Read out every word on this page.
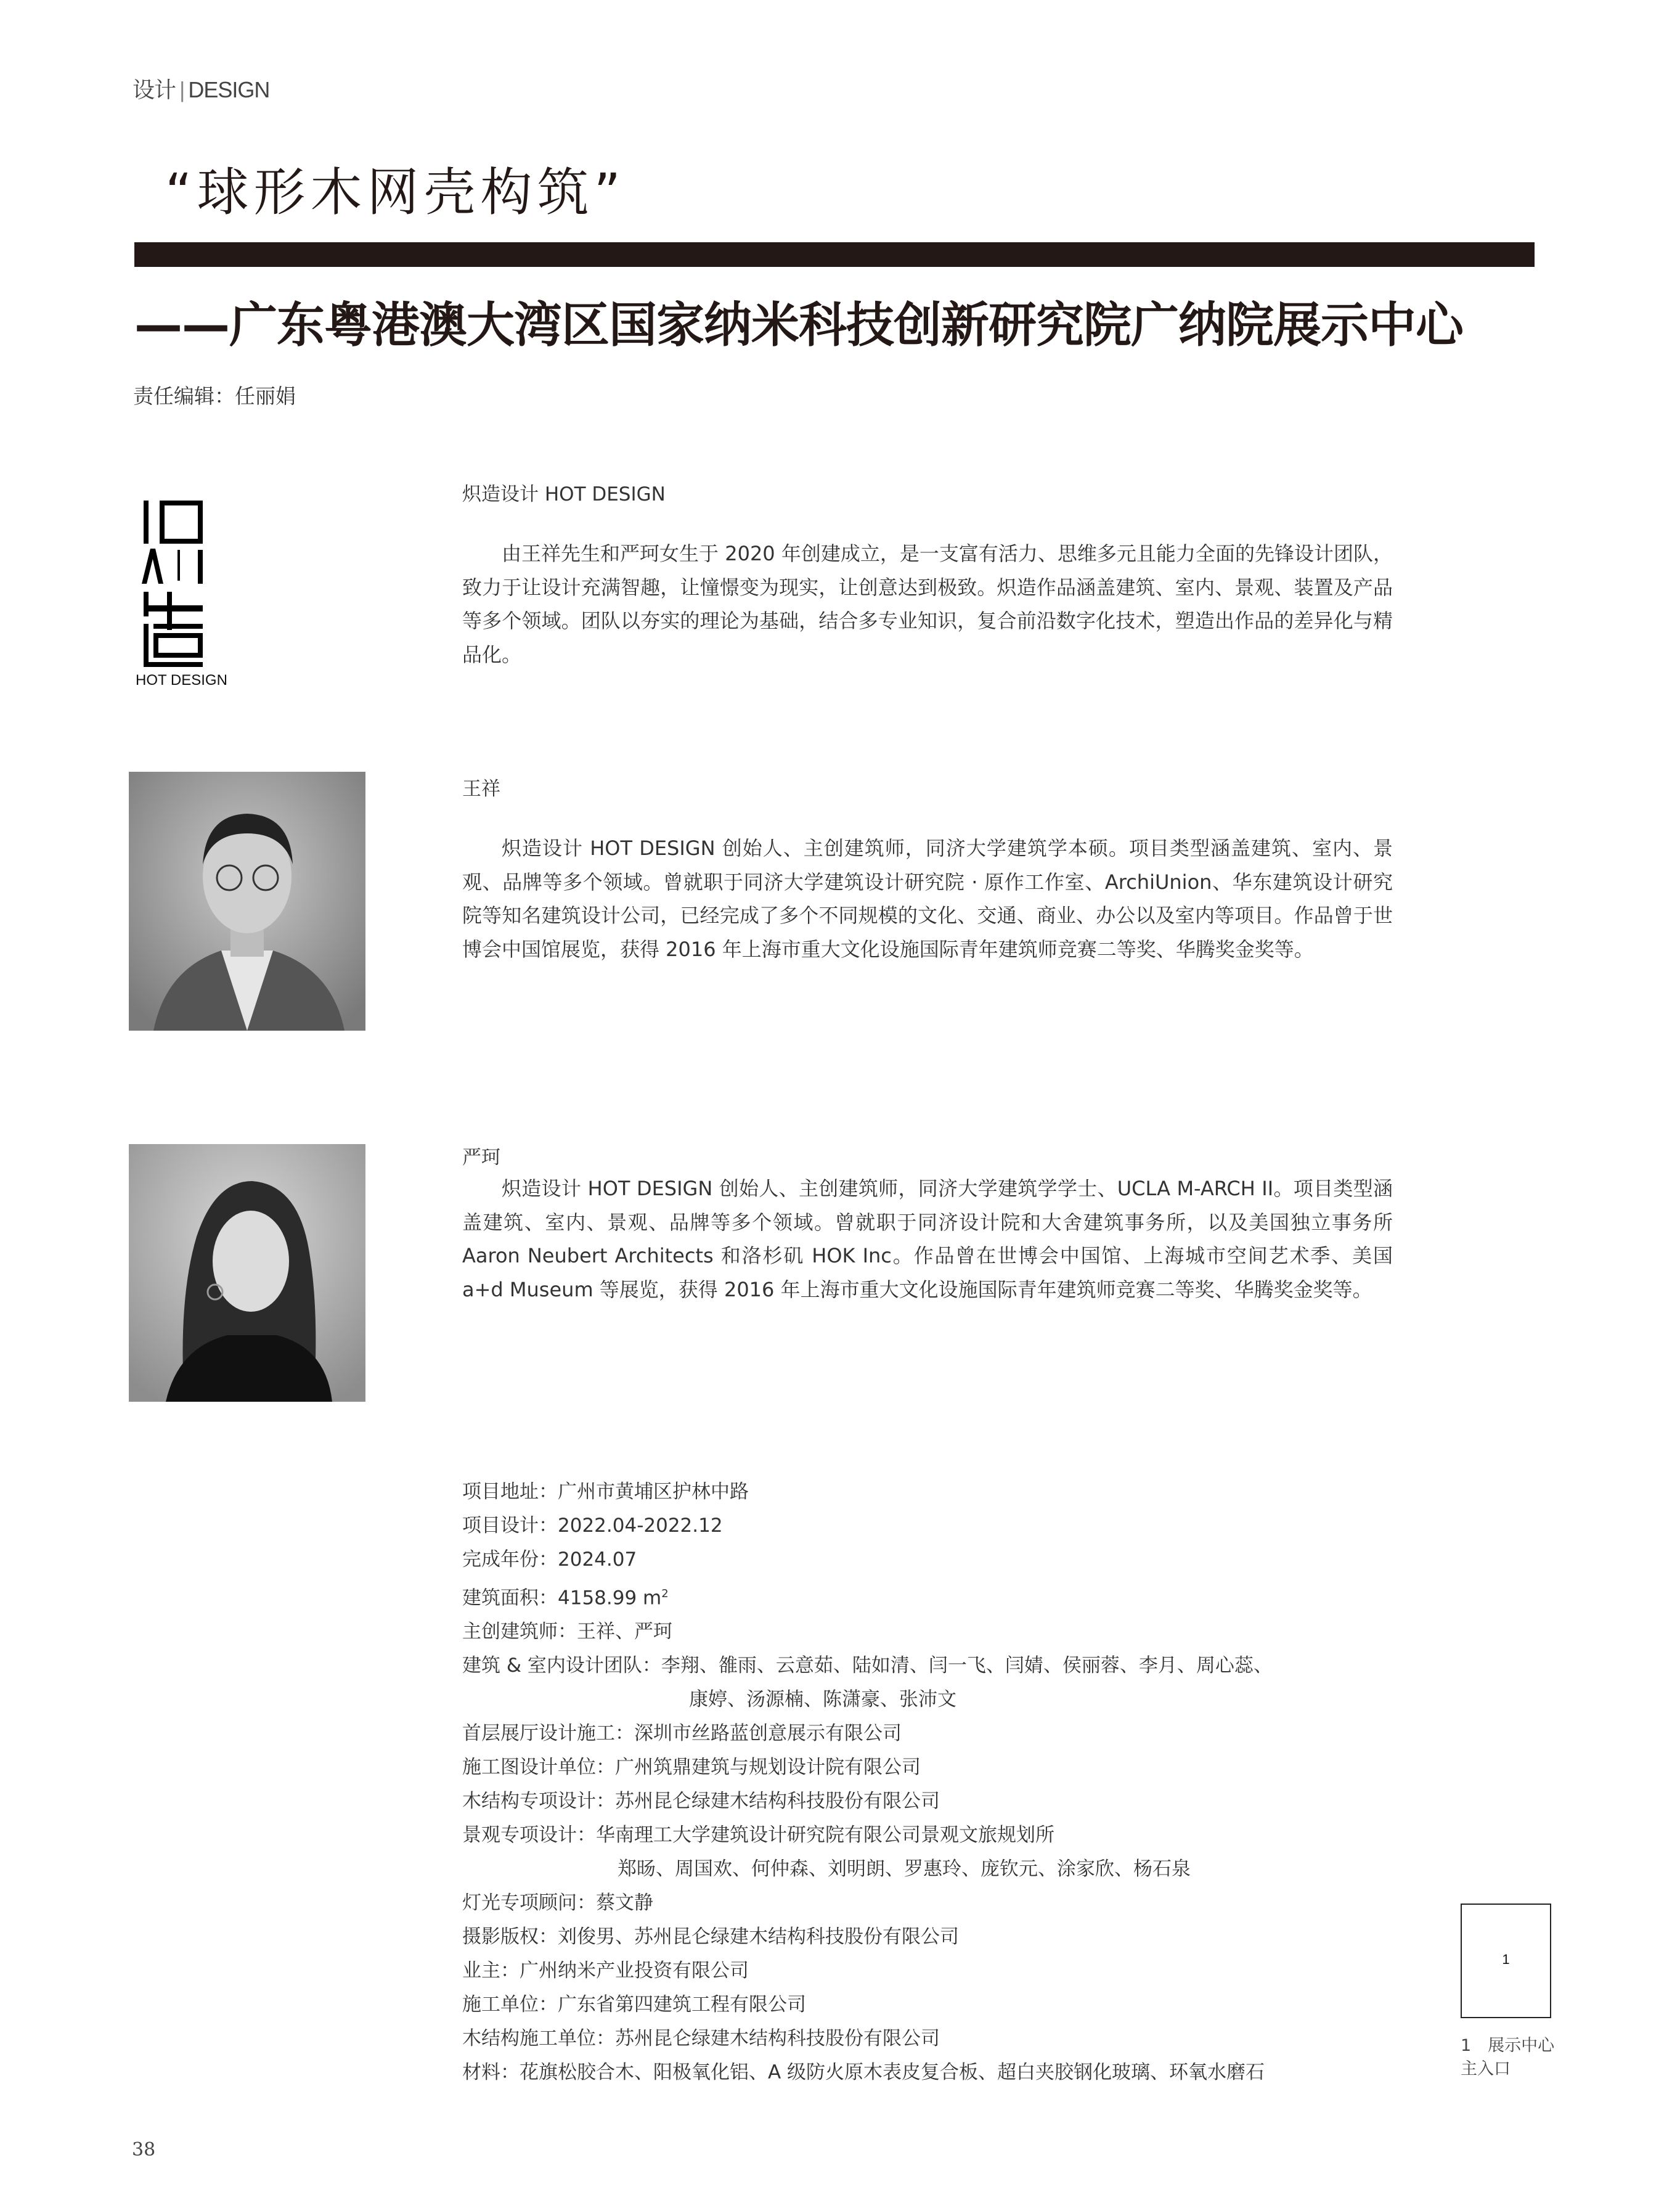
设计 | DESIGN
“球形木网壳构筑”
——广东粤港澳大湾区国家纳米科技创新研究院广纳院展示中心
责任编辑：任丽娟
HOT DESIGN
炽造设计 HOT DESIGN
由王祥先生和严珂女生于 2020 年创建成立，是一支富有活力、思维多元且能力全面的先锋设计团队，致力于让设计充满智趣，让憧憬变为现实，让创意达到极致。炽造作品涵盖建筑、室内、景观、装置及产品等多个领域。团队以夯实的理论为基础，结合多专业知识，复合前沿数字化技术，塑造出作品的差异化与精品化。
王祥
炽造设计 HOT DESIGN 创始人、主创建筑师，同济大学建筑学本硕。项目类型涵盖建筑、室内、景观、品牌等多个领域。曾就职于同济大学建筑设计研究院 · 原作工作室、ArchiUnion、华东建筑设计研究院等知名建筑设计公司，已经完成了多个不同规模的文化、交通、商业、办公以及室内等项目。作品曾于世博会中国馆展览，获得 2016 年上海市重大文化设施国际青年建筑师竞赛二等奖、华腾奖金奖等。
严珂
炽造设计 HOT DESIGN 创始人、主创建筑师，同济大学建筑学学士、UCLA M-ARCH II。项目类型涵盖建筑、室内、景观、品牌等多个领域。曾就职于同济设计院和大舍建筑事务所，以及美国独立事务所 Aaron Neubert Architects 和洛杉矶 HOK Inc。作品曾在世博会中国馆、上海城市空间艺术季、美国 a+d Museum 等展览，获得 2016 年上海市重大文化设施国际青年建筑师竞赛二等奖、华腾奖金奖等。
项目地址：广州市黄埔区护林中路
项目设计：2022.04-2022.12
完成年份：2024.07
建筑面积：4158.99 $m^2$
主创建筑师：王祥、严珂
建筑 & 室内设计团队：李翔、雒雨、云意茹、陆如清、闫一飞、闫婧、侯丽蓉、李月、周心蕊、
康婷、汤源楠、陈潇豪、张沛文
首层展厅设计施工：深圳市丝路蓝创意展示有限公司
施工图设计单位：广州筑鼎建筑与规划设计院有限公司
木结构专项设计：苏州昆仑绿建木结构科技股份有限公司
景观专项设计：华南理工大学建筑设计研究院有限公司景观文旅规划所
郑旸、周国欢、何仲森、刘明朗、罗惠玲、庞钦元、涂家欣、杨石泉
灯光专项顾问：蔡文静
摄影版权：刘俊男、苏州昆仑绿建木结构科技股份有限公司
业主：广州纳米产业投资有限公司
施工单位：广东省第四建筑工程有限公司
木结构施工单位：苏州昆仑绿建木结构科技股份有限公司
材料：花旗松胶合木、阳极氧化铝、A 级防火原木表皮复合板、超白夹胶钢化玻璃、环氧水磨石
1
1　展示中心
主入口
38
